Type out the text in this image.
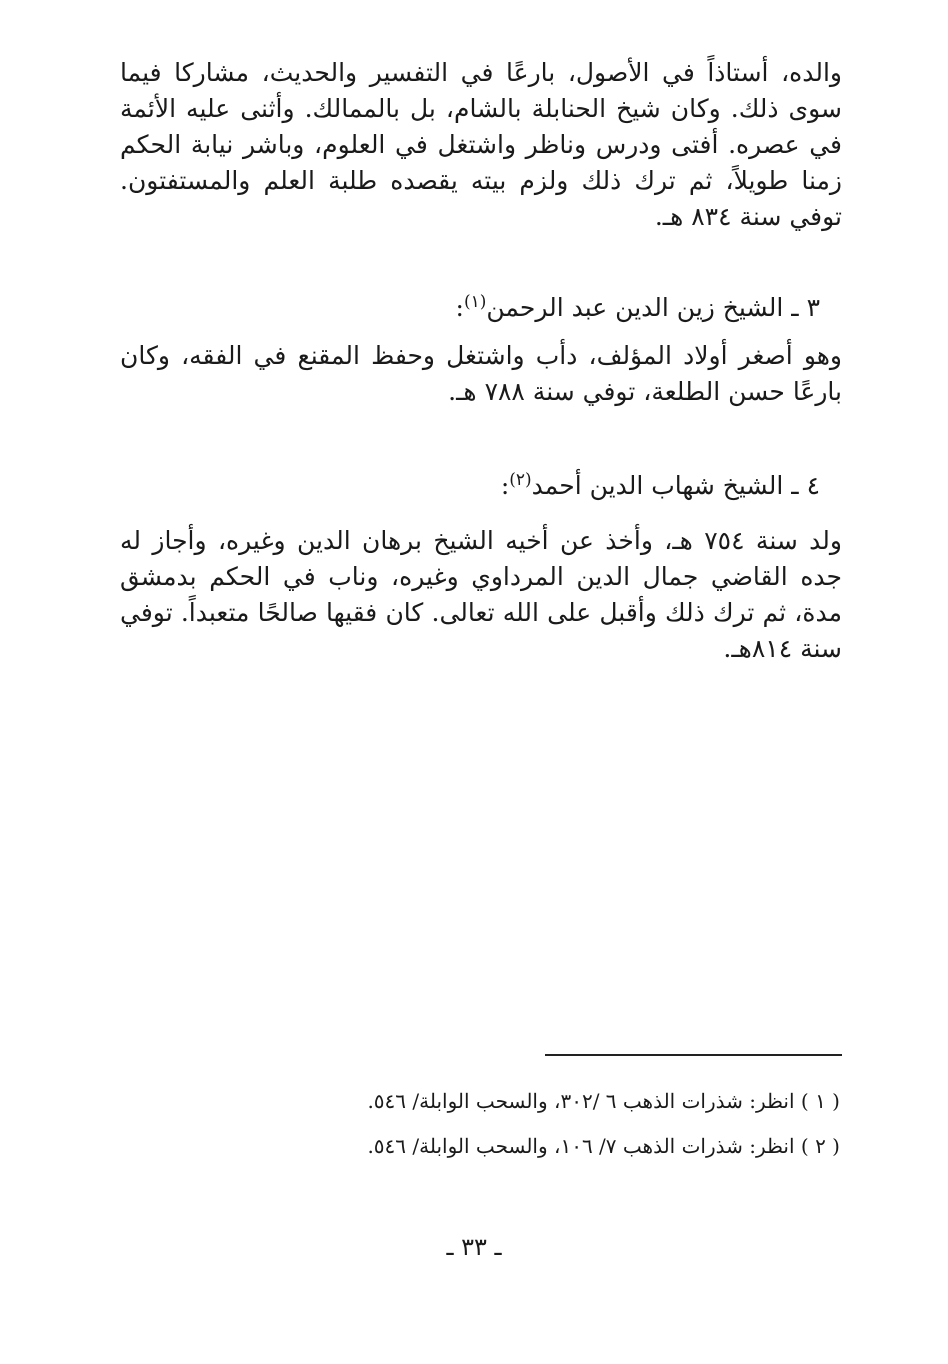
والده، أستاذاً في الأصول، بارعًا في التفسير والحديث، مشاركا فيما سوى ذلك. وكان شيخ الحنابلة بالشام، بل بالممالك. وأثنى عليه الأئمة في عصره. أفتى ودرس وناظر واشتغل في العلوم، وباشر نيابة الحكم زمنا طويلاً، ثم ترك ذلك ولزم بيته يقصده طلبة العلم والمستفتون. توفي سنة ٨٣٤ هـ.

٣ ـ الشيخ زين الدين عبد الرحمن$^{(١)}$:

وهو أصغر أولاد المؤلف، دأب واشتغل وحفظ المقنع في الفقه، وكان بارعًا حسن الطلعة، توفي سنة ٧٨٨ هـ.

٤ ـ الشيخ شهاب الدين أحمد$^{(٢)}$:

ولد سنة ٧٥٤ هـ، وأخذ عن أخيه الشيخ برهان الدين وغيره، وأجاز له جده القاضي جمال الدين المرداوي وغيره، وناب في الحكم بدمشق مدة، ثم ترك ذلك وأقبل على الله تعالى. كان فقيها صالحًا متعبداً. توفي سنة ٨١٤هـ.

( ١ ) انظر: شذرات الذهب ٦ /٣٠٢، والسحب الوابلة/ ٥٤٦.
( ٢ ) انظر: شذرات الذهب ٧/ ١٠٦، والسحب الوابلة/ ٥٤٦.
ـ ٣٣ ـ
